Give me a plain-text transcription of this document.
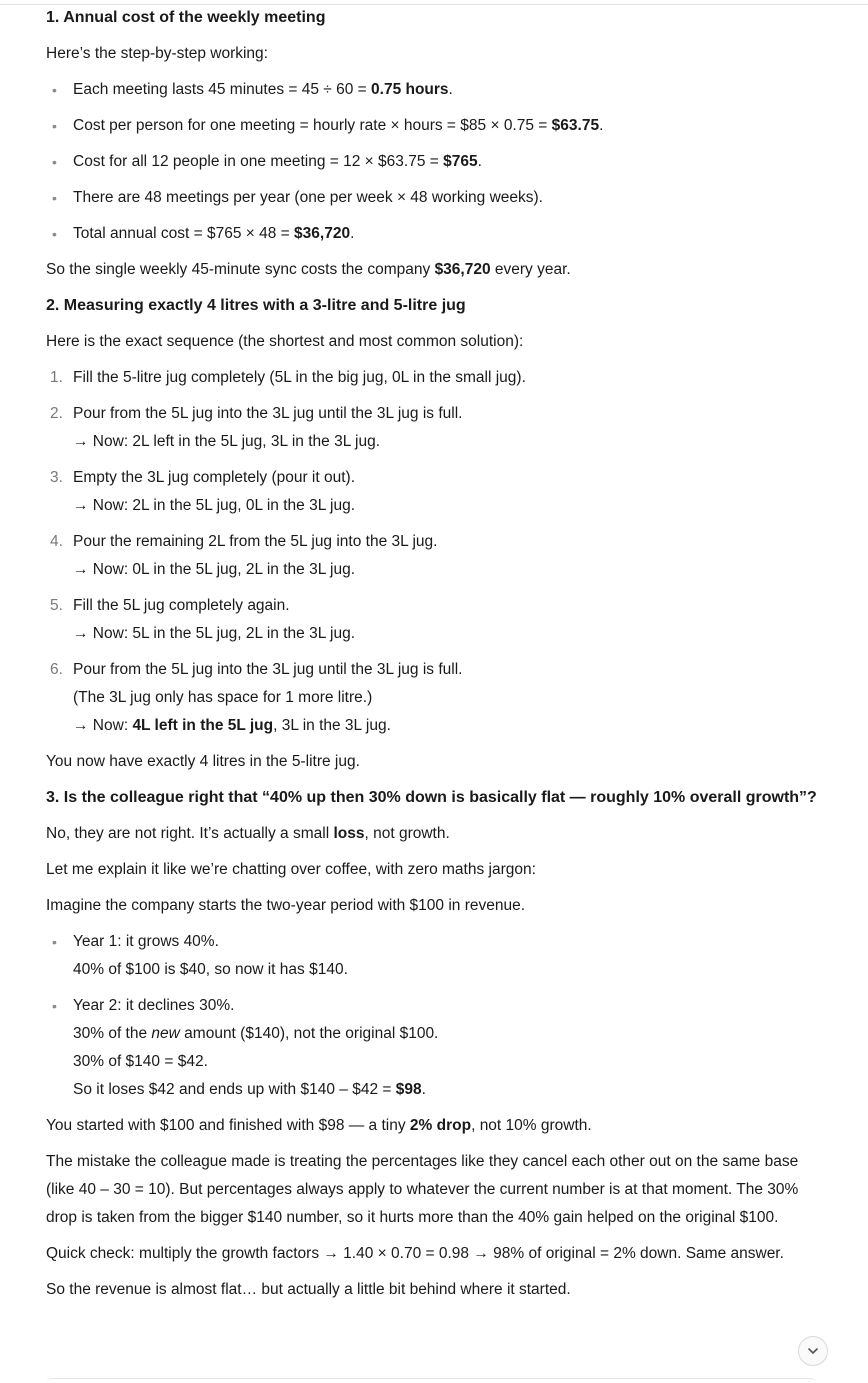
1. Annual cost of the weekly meeting
Here’s the step-by-step working:
• Each meeting lasts 45 minutes = 45 ÷ 60 = 0.75 hours.
• Cost per person for one meeting = hourly rate × hours = $85 × 0.75 = $63.75.
• Cost for all 12 people in one meeting = 12 × $63.75 = $765.
• There are 48 meetings per year (one per week × 48 working weeks).
• Total annual cost = $765 × 48 = $36,720.
So the single weekly 45-minute sync costs the company $36,720 every year.
2. Measuring exactly 4 litres with a 3-litre and 5-litre jug
Here is the exact sequence (the shortest and most common solution):
1. Fill the 5-litre jug completely (5L in the big jug, 0L in the small jug).
2. Pour from the 5L jug into the 3L jug until the 3L jug is full.
→ Now: 2L left in the 5L jug, 3L in the 3L jug.
3. Empty the 3L jug completely (pour it out).
→ Now: 2L in the 5L jug, 0L in the 3L jug.
4. Pour the remaining 2L from the 5L jug into the 3L jug.
→ Now: 0L in the 5L jug, 2L in the 3L jug.
5. Fill the 5L jug completely again.
→ Now: 5L in the 5L jug, 2L in the 3L jug.
6. Pour from the 5L jug into the 3L jug until the 3L jug is full.
(The 3L jug only has space for 1 more litre.)
→ Now: 4L left in the 5L jug, 3L in the 3L jug.
You now have exactly 4 litres in the 5-litre jug.
3. Is the colleague right that “40% up then 30% down is basically flat — roughly 10% overall growth”?
No, they are not right. It’s actually a small loss, not growth.
Let me explain it like we’re chatting over coffee, with zero maths jargon:
Imagine the company starts the two-year period with $100 in revenue.
• Year 1: it grows 40%.
40% of $100 is $40, so now it has $140.
• Year 2: it declines 30%.
30% of the new amount ($140), not the original $100.
30% of $140 = $42.
So it loses $42 and ends up with $140 – $42 = $98.
You started with $100 and finished with $98 — a tiny 2% drop, not 10% growth.
The mistake the colleague made is treating the percentages like they cancel each other out on the same base (like 40 – 30 = 10). But percentages always apply to whatever the current number is at that moment. The 30% drop is taken from the bigger $140 number, so it hurts more than the 40% gain helped on the original $100.
Quick check: multiply the growth factors → 1.40 × 0.70 = 0.98 → 98% of original = 2% down. Same answer.
So the revenue is almost flat… but actually a little bit behind where it started.
